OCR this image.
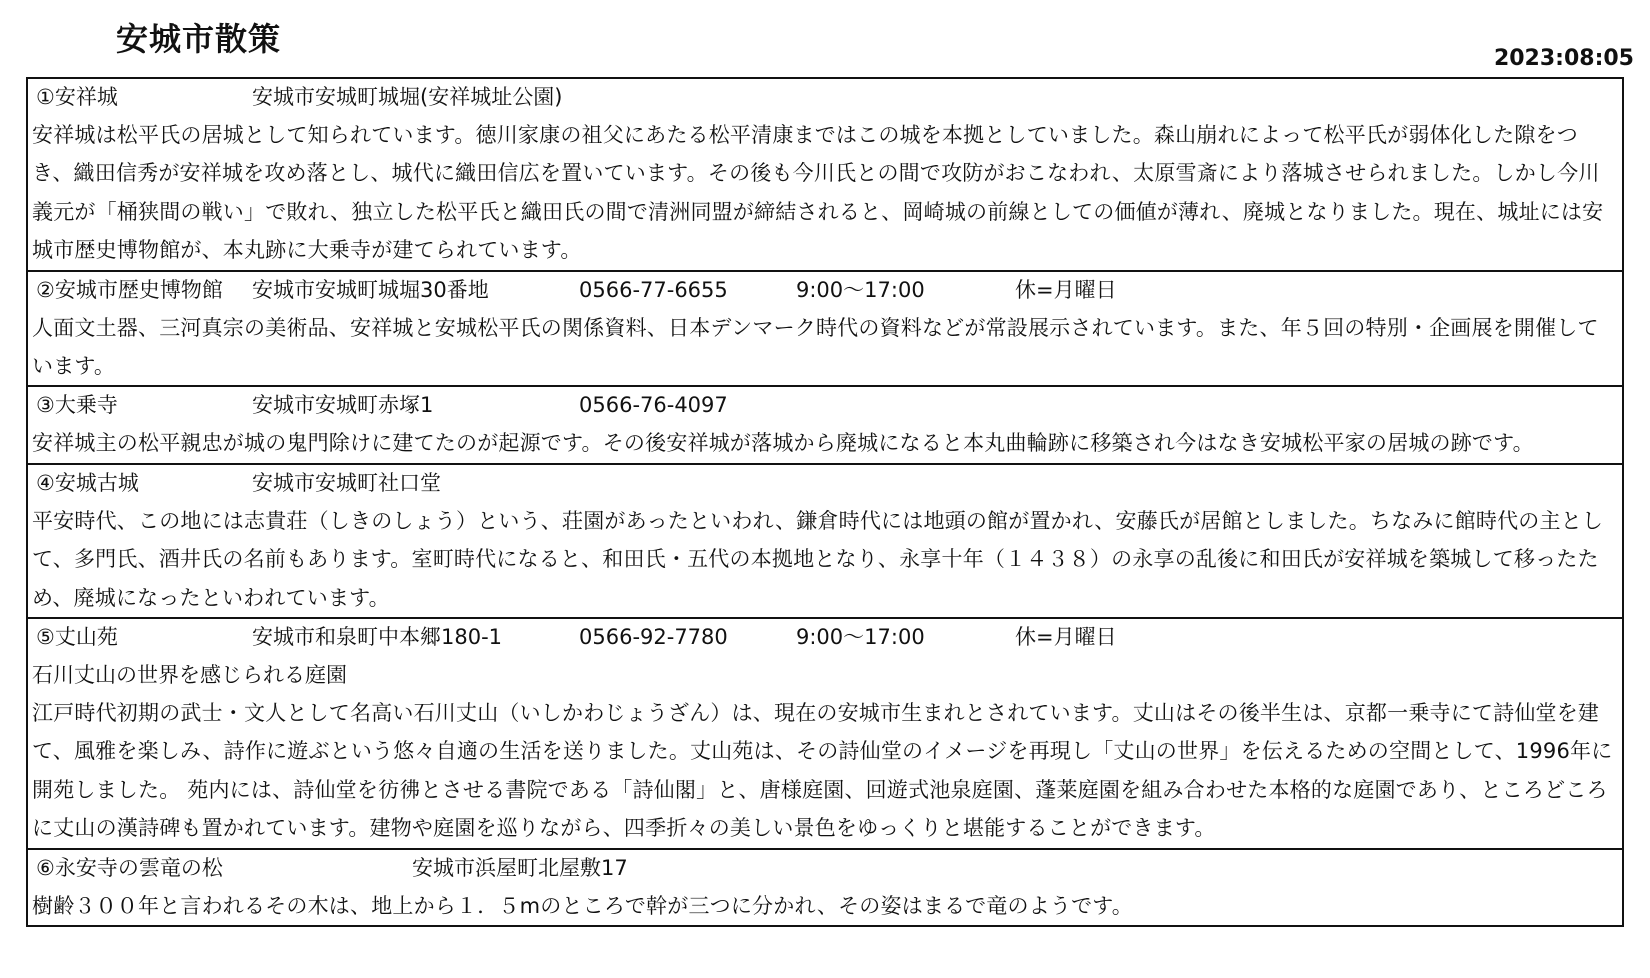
安城市散策
2023:08:05
①安祥城	安城市安城町城堀(安祥城址公園)
安祥城は松平氏の居城として知られています。徳川家康の祖父にあたる松平清康まではこの城を本拠としていました。森山崩れによって松平氏が弱体化した隙をつき、織田信秀が安祥城を攻め落とし、城代に織田信広を置いています。その後も今川氏との間で攻防がおこなわれ、太原雪斎により落城させられました。しかし今川義元が「桶狭間の戦い」で敗れ、独立した松平氏と織田氏の間で清洲同盟が締結されると、岡崎城の前線としての価値が薄れ、廃城となりました。現在、城址には安城市歴史博物館が、本丸跡に大乗寺が建てられています。
②安城市歴史博物館 安城市安城町城堀30番地	0566-77-6655	9:00～17:00	休=月曜日
人面文土器、三河真宗の美術品、安祥城と安城松平氏の関係資料、日本デンマーク時代の資料などが常設展示されています。また、年５回の特別・企画展を開催しています。
③大乗寺	安城市安城町赤塚1	0566-76-4097
安祥城主の松平親忠が城の鬼門除けに建てたのが起源です。その後安祥城が落城から廃城になると本丸曲輪跡に移築され今はなき安城松平家の居城の跡です。
④安城古城	安城市安城町社口堂
平安時代、この地には志貴荘（しきのしょう）という、荘園があったといわれ、鎌倉時代には地頭の館が置かれ、安藤氏が居館としました。ちなみに館時代の主として、多門氏、酒井氏の名前もあります。室町時代になると、和田氏・五代の本拠地となり、永享十年（１４３８）の永享の乱後に和田氏が安祥城を築城して移ったため、廃城になったといわれています。
⑤丈山苑	安城市和泉町中本郷180-1	0566-92-7780	9:00～17:00	休=月曜日
石川丈山の世界を感じられる庭園
江戸時代初期の武士・文人として名高い石川丈山（いしかわじょうざん）は、現在の安城市生まれとされています。丈山はその後半生は、京都一乗寺にて詩仙堂を建て、風雅を楽しみ、詩作に遊ぶという悠々自適の生活を送りました。丈山苑は、その詩仙堂のイメージを再現し「丈山の世界」を伝えるための空間として、1996年に開苑しました。 苑内には、詩仙堂を彷彿とさせる書院である「詩仙閣」と、唐様庭園、回遊式池泉庭園、蓬莱庭園を組み合わせた本格的な庭園であり、ところどころに丈山の漢詩碑も置かれています。建物や庭園を巡りながら、四季折々の美しい景色をゆっくりと堪能することができます。
⑥永安寺の雲竜の松	安城市浜屋町北屋敷17
樹齢３００年と言われるその木は、地上から１．５mのところで幹が三つに分かれ、その姿はまるで竜のようです。
